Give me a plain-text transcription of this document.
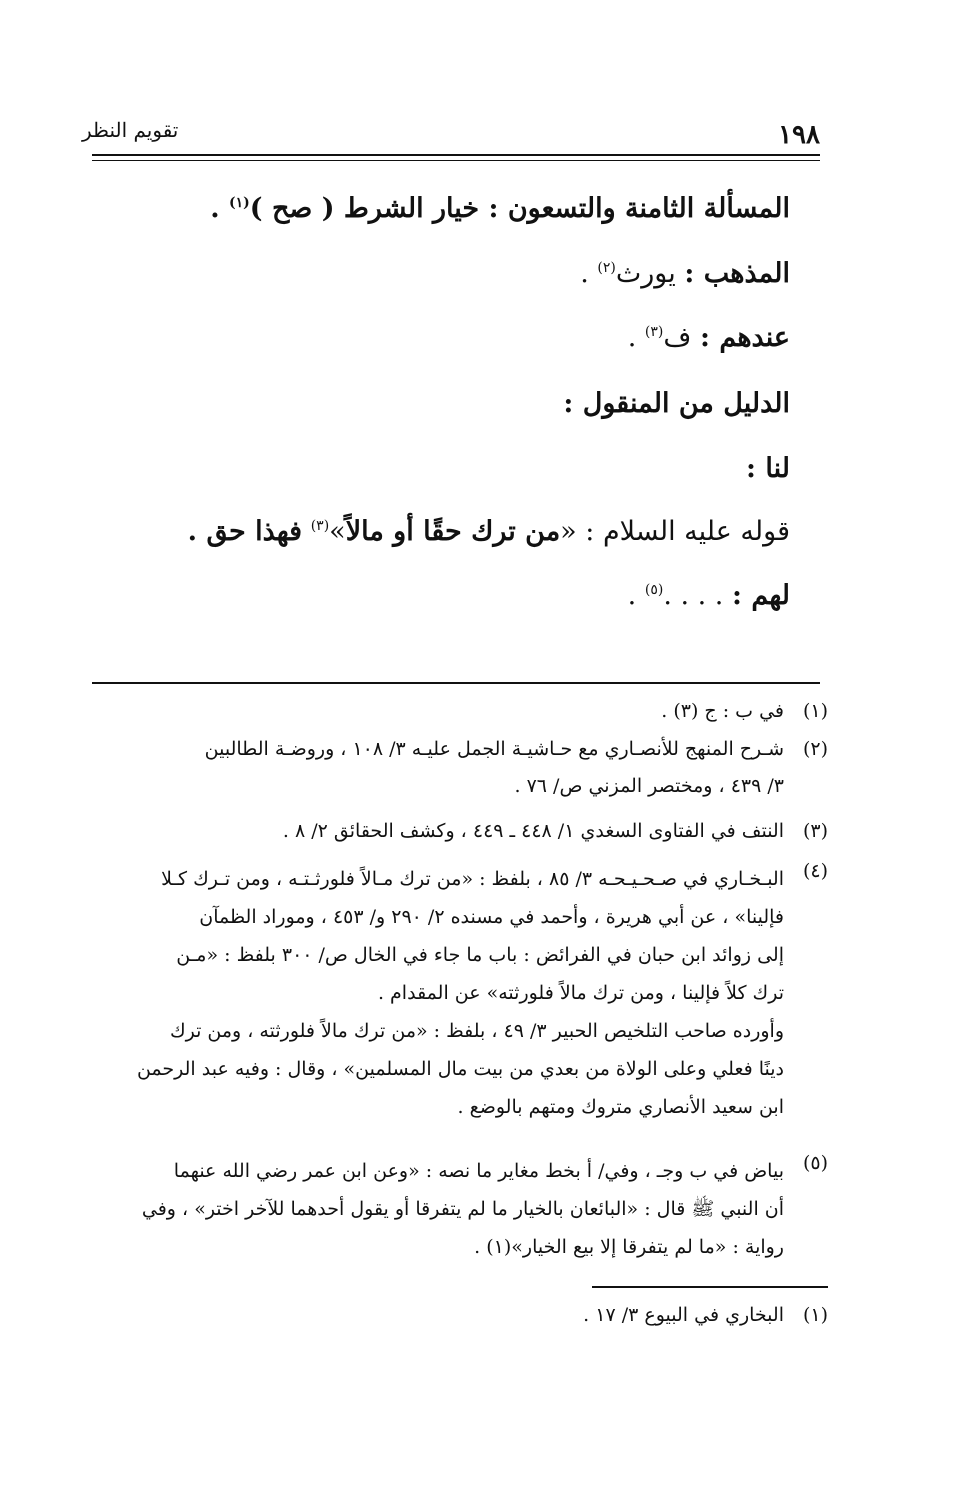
١٩٨
تقويم النظر
المسألة الثامنة والتسعون : خيار الشرط ( صح )$^{(١)}$ .
المذهب : يورث$^{(٢)}$ .
عندهم : ف$^{(٣)}$ .
الدليل من المنقول :
لنا :
قوله عليه السلام : «من ترك حقًا أو مالاً»$^{(٣)}$ فهذا حق .
لهم : . . . .$^{(٥)}$ .
(١)
في ب : ج (٣) .
(٢)
شـرح المنهج للأنصـاري مع حـاشيـة الجمل عليـه ٣/ ١٠٨ ، وروضـة الطالبين
٣/ ٤٣٩ ، ومختصر المزني ص/ ٧٦ .
(٣)
النتف في الفتاوى السغدي ١/ ٤٤٨ ـ ٤٤٩ ، وكشف الحقائق ٢/ ٨ .
(٤)
البـخـاري في صـحـيـحـه ٣/ ٨٥ ، بلفظ : «من ترك مـالاً فلورثـتـه ، ومن تـرك كـلا
فإلينا» ، عن أبي هريرة ، وأحمد في مسنده ٢/ ٢٩٠ و/ ٤٥٣ ، وموراد الظمآن
إلى زوائد ابن حبان في الفرائض : باب ما جاء في الخال ص/ ٣٠٠ بلفظ : «مـن
ترك كلاً فإلينا ، ومن ترك مالاً فلورثته» عن المقدام .
وأورده صاحب التلخيص الحبير ٣/ ٤٩ ، بلفظ : «من ترك مالاً فلورثته ، ومن ترك
دينًا فعلي وعلى الولاة من بعدي من بيت مال المسلمين» ، وقال : وفيه عبد الرحمن
ابن سعيد الأنصاري متروك ومتهم بالوضع .
(٥)
بياض في ب وجـ ، وفي/ أ بخط مغاير ما نصه : «وعن ابن عمر رضي الله عنهما
أن النبي ﷺ قال : «البائعان بالخيار ما لم يتفرقا أو يقول أحدهما للآخر اختر» ، وفي
رواية : «ما لم يتفرقا إلا بيع الخيار»(١) .
(١)
البخاري في البيوع ٣/ ١٧ .
